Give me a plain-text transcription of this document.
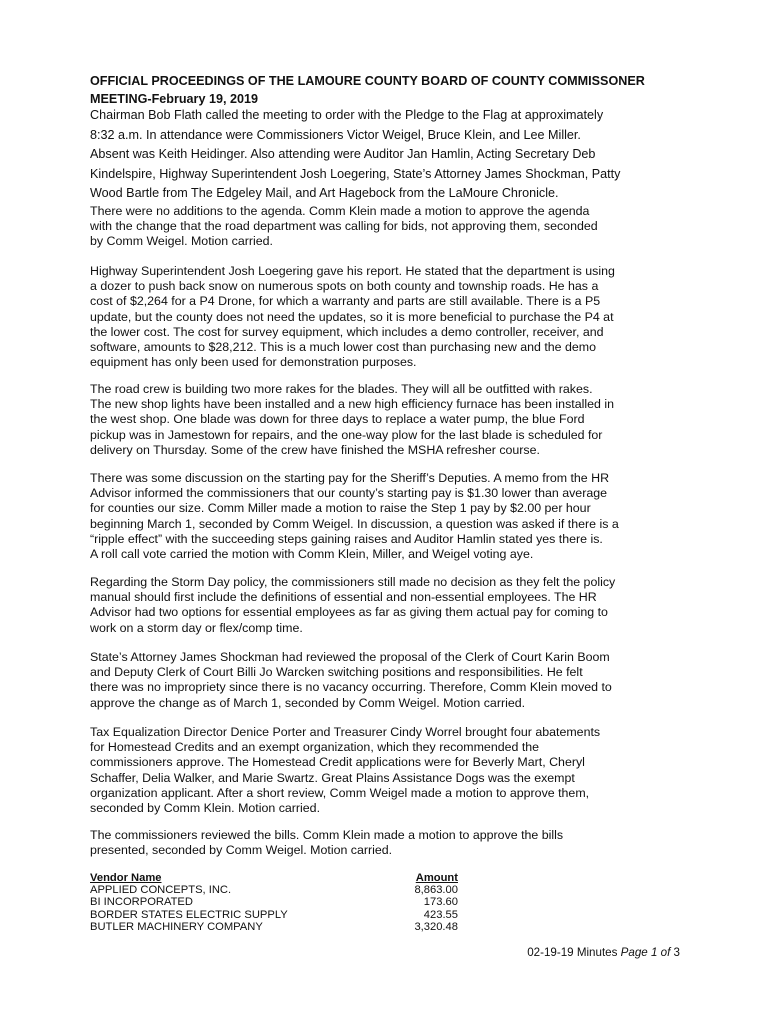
OFFICIAL PROCEEDINGS OF THE LAMOURE COUNTY BOARD OF COUNTY COMMISSONER
MEETING-February 19, 2019
Chairman Bob Flath called the meeting to order with the Pledge to the Flag at approximately
8:32 a.m. In attendance were Commissioners Victor Weigel, Bruce Klein, and Lee Miller.
Absent was Keith Heidinger. Also attending were Auditor Jan Hamlin, Acting Secretary Deb
Kindelspire, Highway Superintendent Josh Loegering, State’s Attorney James Shockman, Patty
Wood Bartle from The Edgeley Mail, and Art Hagebock from the LaMoure Chronicle.
There were no additions to the agenda. Comm Klein made a motion to approve the agenda
with the change that the road department was calling for bids, not approving them, seconded
by Comm Weigel. Motion carried.
Highway Superintendent Josh Loegering gave his report. He stated that the department is using
a dozer to push back snow on numerous spots on both county and township roads. He has a
cost of $2,264 for a P4 Drone, for which a warranty and parts are still available. There is a P5
update, but the county does not need the updates, so it is more beneficial to purchase the P4 at
the lower cost. The cost for survey equipment, which includes a demo controller, receiver, and
software, amounts to $28,212. This is a much lower cost than purchasing new and the demo
equipment has only been used for demonstration purposes.
The road crew is building two more rakes for the blades. They will all be outfitted with rakes.
The new shop lights have been installed and a new high efficiency furnace has been installed in
the west shop. One blade was down for three days to replace a water pump, the blue Ford
pickup was in Jamestown for repairs, and the one-way plow for the last blade is scheduled for
delivery on Thursday. Some of the crew have finished the MSHA refresher course.
There was some discussion on the starting pay for the Sheriff’s Deputies. A memo from the HR
Advisor informed the commissioners that our county’s starting pay is $1.30 lower than average
for counties our size. Comm Miller made a motion to raise the Step 1 pay by $2.00 per hour
beginning March 1, seconded by Comm Weigel. In discussion, a question was asked if there is a
“ripple effect” with the succeeding steps gaining raises and Auditor Hamlin stated yes there is.
A roll call vote carried the motion with Comm Klein, Miller, and Weigel voting aye.
Regarding the Storm Day policy, the commissioners still made no decision as they felt the policy
manual should first include the definitions of essential and non-essential employees. The HR
Advisor had two options for essential employees as far as giving them actual pay for coming to
work on a storm day or flex/comp time.
State’s Attorney James Shockman had reviewed the proposal of the Clerk of Court Karin Boom
and Deputy Clerk of Court Billi Jo Warcken switching positions and responsibilities. He felt
there was no impropriety since there is no vacancy occurring. Therefore, Comm Klein moved to
approve the change as of March 1, seconded by Comm Weigel. Motion carried.
Tax Equalization Director Denice Porter and Treasurer Cindy Worrel brought four abatements
for Homestead Credits and an exempt organization, which they recommended the
commissioners approve. The Homestead Credit applications were for Beverly Mart, Cheryl
Schaffer, Delia Walker, and Marie Swartz. Great Plains Assistance Dogs was the exempt
organization applicant. After a short review, Comm Weigel made a motion to approve them,
seconded by Comm Klein. Motion carried.
The commissioners reviewed the bills. Comm Klein made a motion to approve the bills
presented, seconded by Comm Weigel. Motion carried.
Vendor Name	Amount
APPLIED CONCEPTS, INC.	8,863.00
BI INCORPORATED	173.60
BORDER STATES ELECTRIC SUPPLY	423.55
BUTLER MACHINERY COMPANY	3,320.48
02-19-19 Minutes Page 1 of 3
